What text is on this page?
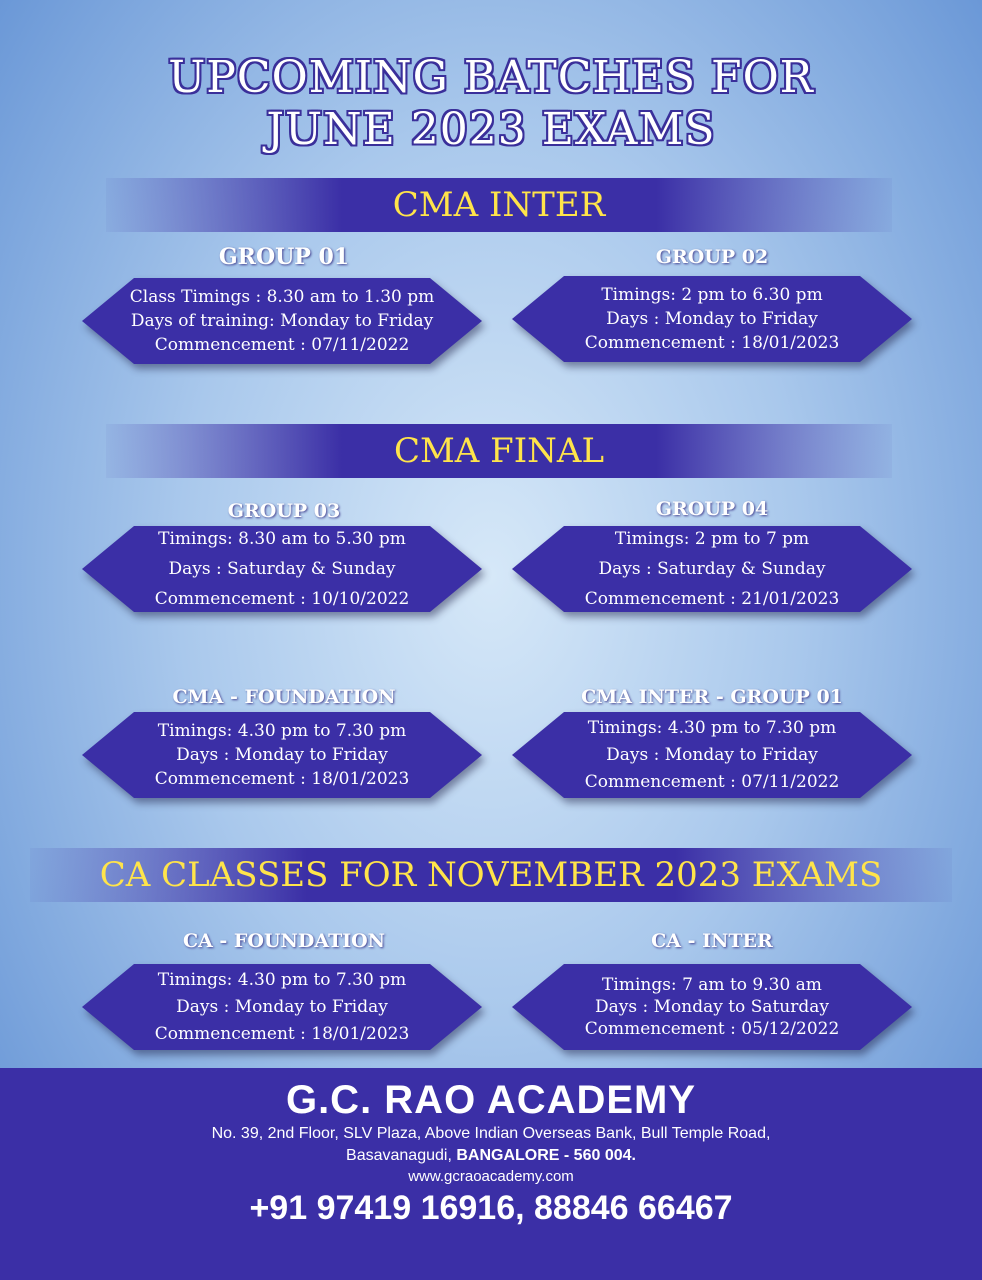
UPCOMING BATCHES FOR
JUNE 2023 EXAMS
CMA INTER
GROUP 01
Class Timings : 8.30 am to 1.30 pm
Days of training: Monday to Friday
Commencement : 07/11/2022
GROUP 02
Timings: 2 pm to 6.30 pm
Days : Monday to Friday
Commencement : 18/01/2023
CMA FINAL
GROUP 03
Timings: 8.30 am to 5.30 pm
Days : Saturday & Sunday
Commencement : 10/10/2022
GROUP 04
Timings: 2 pm to 7 pm
Days : Saturday & Sunday
Commencement : 21/01/2023
CMA - FOUNDATION
Timings: 4.30 pm to 7.30 pm
Days : Monday to Friday
Commencement : 18/01/2023
CMA INTER - GROUP 01
Timings: 4.30 pm to 7.30 pm
Days : Monday to Friday
Commencement : 07/11/2022
CA CLASSES FOR NOVEMBER 2023 EXAMS
CA - FOUNDATION
Timings: 4.30 pm to 7.30 pm
Days : Monday to Friday
Commencement : 18/01/2023
CA - INTER
Timings: 7 am to 9.30 am
Days : Monday to Saturday
Commencement : 05/12/2022
G.C. RAO ACADEMY
No. 39, 2nd Floor, SLV Plaza, Above Indian Overseas Bank, Bull Temple Road,
Basavanagudi, BANGALORE - 560 004.
www.gcraoacademy.com
+91 97419 16916, 88846 66467
